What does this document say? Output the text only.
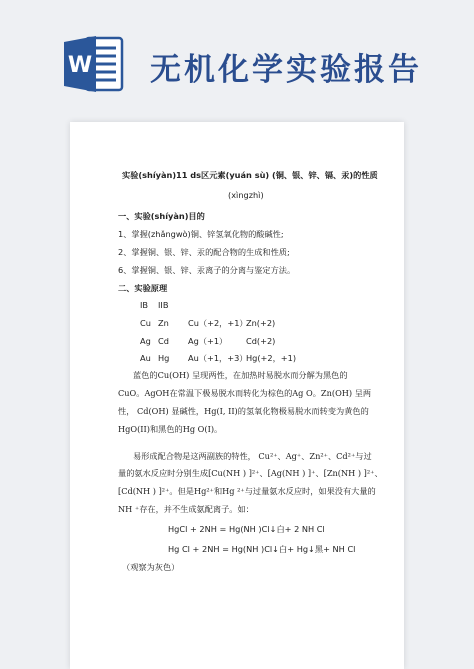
W 无机化学实验报告
实验(shíyàn)11 ds区元素(yuán sù) (铜、银、锌、镉、汞)的性质
(xìngzhì)
一、实验(shíyàn)目的
1、掌握(zhǎngwò)铜、锌氢氧化物的酸碱性;
2、掌握铜、银、锌、汞的配合物的生成和性质;
6、掌握铜、银、锌、汞离子的分离与鉴定方法。
二、实验原理
IB IIB
Cu Zn Cu（+2，+1）
Zn(+2)
Ag Cd Ag（+1） Cd(+2)
Au Hg Au（+1，+3）
Hg(+2，+1)
蓝色的Cu(OH) 呈现两性，在加热时易脱水而分解为黑色的
CuO。AgOH在常温下极易脱水而转化为棕色的Ag O。Zn(OH) 呈两
性， Cd(OH) 显碱性，Hg(I, II)的氢氧化物极易脱水而转变为黄色的
HgO(II)和黑色的Hg O(I)。
易形成配合物是这两副族的特性， Cu²⁺、Ag⁺、Zn²⁺、Cd²⁺与过
量的氨水反应时分别生成[Cu(NH ) ]²⁺、[Ag(NH ) ]⁺、[Zn(NH ) ]²⁺、
[Cd(NH ) ]²⁺。但是Hg²⁺和Hg ²⁺与过量氨水反应时，如果没有大量的
NH ⁺存在，并不生成氨配离子。如：
HgCl + 2NH = Hg(NH )Cl↓白+ 2 NH Cl
Hg Cl + 2NH = Hg(NH )Cl↓白+ Hg↓黑+ NH Cl
（观察为灰色）
